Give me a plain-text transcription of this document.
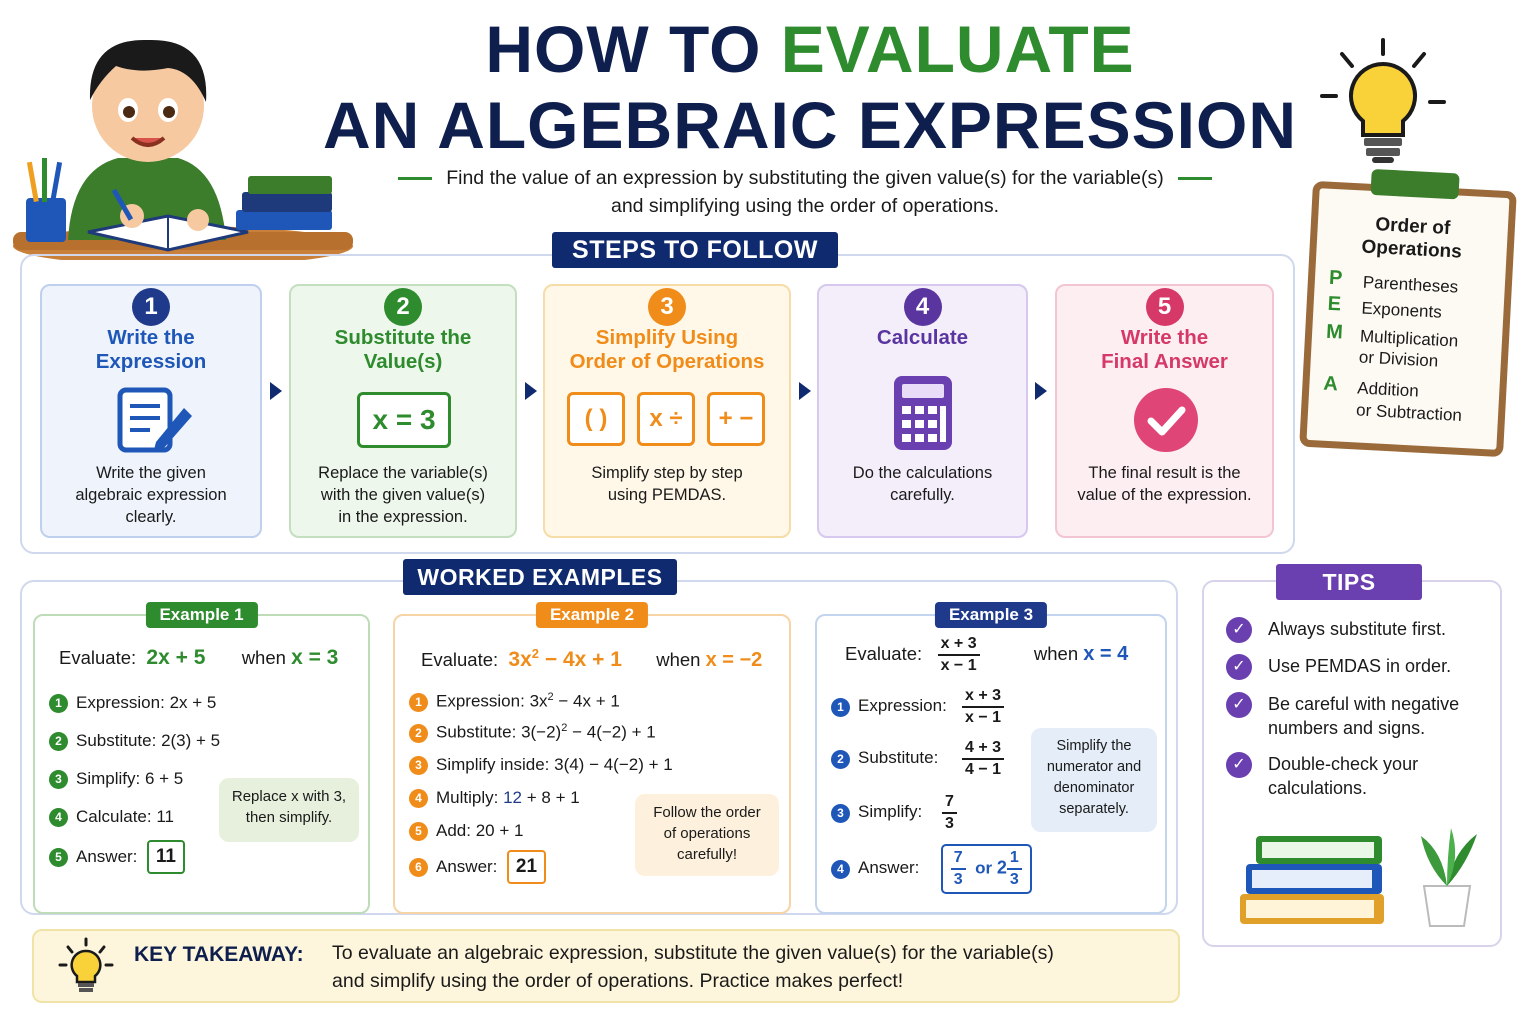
HOW TO EVALUATE
AN ALGEBRAIC EXPRESSION
Find the value of an expression by substituting the given value(s) for the variable(s)
and simplifying using the order of operations.
Order of
Operations
P Parentheses
E Exponents
M Multiplication
or Division
A Addition
or Subtraction
STEPS TO FOLLOW
1
Write the
Expression
Write the given
algebraic expression
clearly.
2
Substitute the
Value(s)
x = 3
Replace the variable(s)
with the given value(s)
in the expression.
3
Simplify Using
Order of Operations
( )	x ÷	+ −
Simplify step by step
using PEMDAS.
4
Calculate
Do the calculations
carefully.
5
Write the
Final Answer
The final result is the
value of the expression.
WORKED EXAMPLES
Example 1
Evaluate: 2x + 5 when x = 3
1 Expression: 2x + 5
2 Substitute: 2(3) + 5
3 Simplify: 6 + 5
4 Calculate: 11
5 Answer: 11
Replace x with 3,
then simplify.
Example 2
Evaluate: $3x^2 - 4x + 1$ when x = −2
1 Expression: $3x^2 - 4x + 1$
2 Substitute: $3(-2)^2 - 4(-2) + 1$
3 Simplify inside: 3(4) − 4(−2) + 1
4 Multiply: 12 + 8 + 1
5 Add: 20 + 1
6 Answer: 21
Follow the order
of operations
carefully!
Example 3
Evaluate: $\frac{x + 3}{x - 1}$	when x = 4
1 Expression: $\frac{x + 3}{x - 1}$
2 Substitute: $\frac{4 + 3}{4 - 1}$
3 Simplify: $\frac{7}{3}$
4 Answer: $\frac{7}{3}$ or $2 \frac{1}{3}$
Simplify the
numerator and
denominator
separately.
TIPS
✓	Always substitute first.
✓	Use PEMDAS in order.
✓	Be careful with negative
numbers and signs.
✓	Double-check your
calculations.
KEY TAKEAWAY: To evaluate an algebraic expression, substitute the given value(s) for the variable(s)
and simplify using the order of operations. Practice makes perfect!
